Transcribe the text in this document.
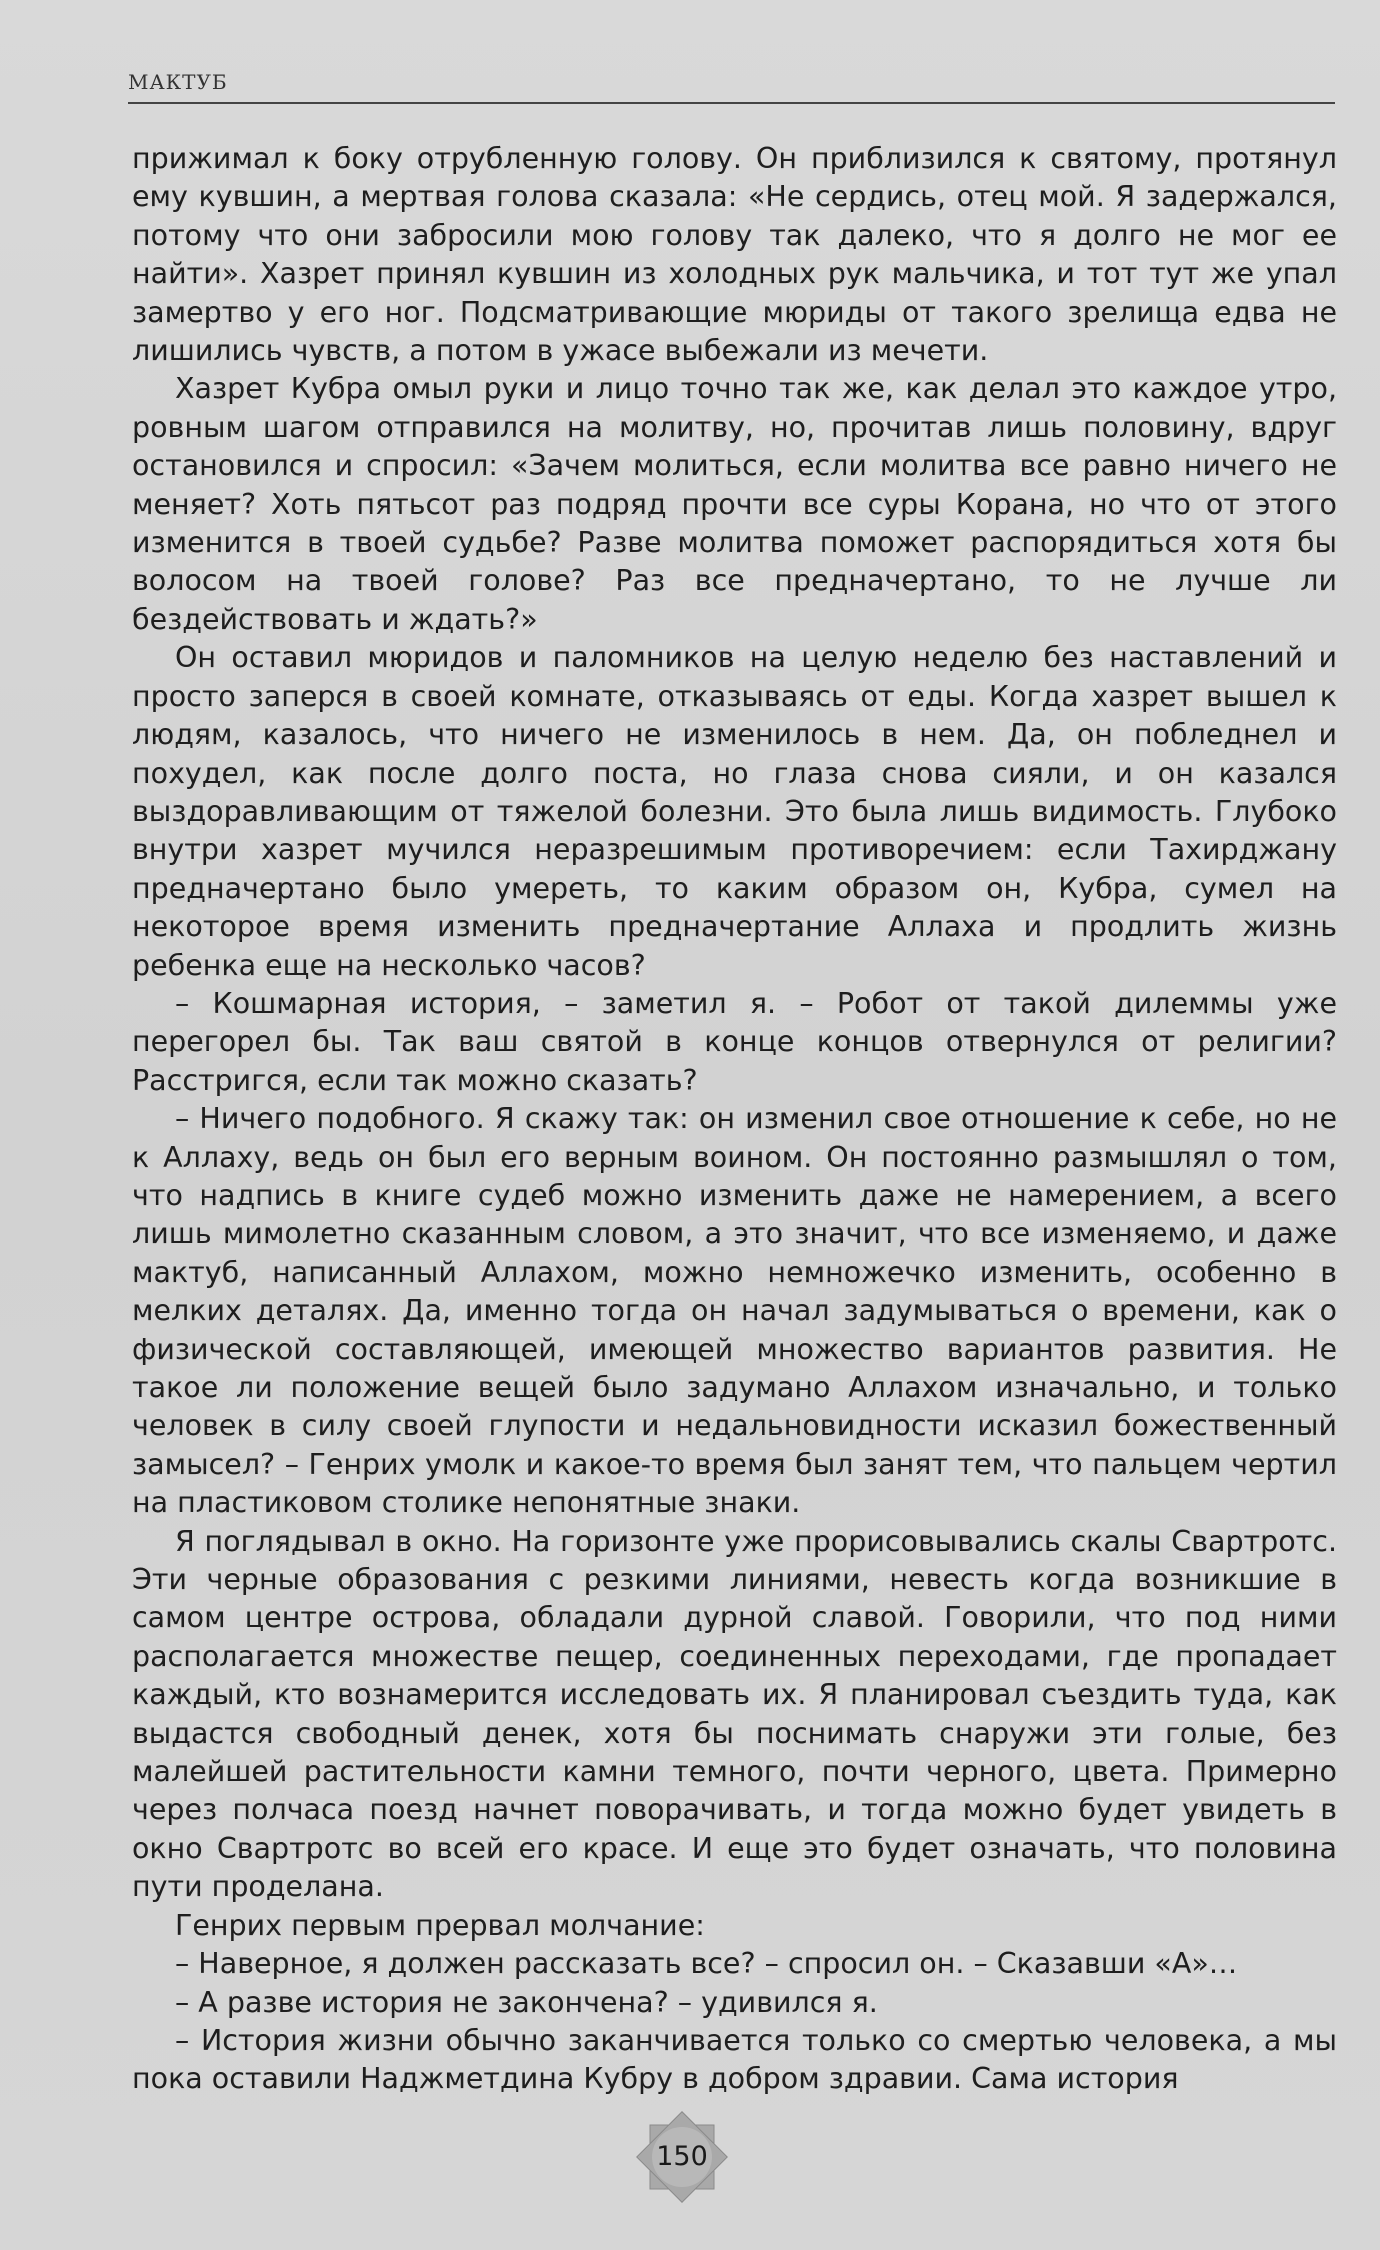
МАКТУБ

прижимал к боку отрубленную голову. Он приблизился к святому, протянул ему кувшин, а мертвая голова сказала: «Не сердись, отец мой. Я задержался, потому что они забросили мою голову так далеко, что я долго не мог ее найти». Хазрет принял кувшин из холодных рук мальчика, и тот тут же упал замертво у его ног. Подсматривающие мюриды от такого зрелища едва не лишились чувств, а потом в ужасе выбежали из мечети.

Хазрет Кубра омыл руки и лицо точно так же, как делал это каждое утро, ровным шагом отправился на молитву, но, прочитав лишь половину, вдруг остановился и спросил: «Зачем молиться, если молитва все равно ничего не меняет? Хоть пятьсот раз подряд прочти все суры Корана, но что от этого изменится в твоей судьбе? Разве молитва поможет распорядиться хотя бы волосом на твоей голове? Раз все предначертано, то не лучше ли бездействовать и ждать?»

Он оставил мюридов и паломников на целую неделю без наставлений и просто заперся в своей комнате, отказываясь от еды. Когда хазрет вышел к людям, казалось, что ничего не изменилось в нем. Да, он побледнел и похудел, как после долго поста, но глаза снова сияли, и он казался выздоравливающим от тяжелой болезни. Это была лишь видимость. Глубоко внутри хазрет мучился неразрешимым противоречием: если Тахирджану предначертано было умереть, то каким образом он, Кубра, сумел на некоторое время изменить предначертание Аллаха и продлить жизнь ребенка еще на несколько часов?

– Кошмарная история, – заметил я. – Робот от такой дилеммы уже перегорел бы. Так ваш святой в конце концов отвернулся от религии? Расстригся, если так можно сказать?

– Ничего подобного. Я скажу так: он изменил свое отношение к себе, но не к Аллаху, ведь он был его верным воином. Он постоянно размышлял о том, что надпись в книге судеб можно изменить даже не намерением, а всего лишь мимолетно сказанным словом, а это значит, что все изменяемо, и даже мактуб, написанный Аллахом, можно немножечко изменить, особенно в мелких деталях. Да, именно тогда он начал задумываться о времени, как о физической составляющей, имеющей множество вариантов развития. Не такое ли положение вещей было задумано Аллахом изначально, и только человек в силу своей глупости и недальновидности исказил божественный замысел? – Генрих умолк и какое-то время был занят тем, что пальцем чертил на пластиковом столике непонятные знаки.

Я поглядывал в окно. На горизонте уже прорисовывались скалы Свартротс. Эти черные образования с резкими линиями, невесть когда возникшие в самом центре острова, обладали дурной славой. Говорили, что под ними располагается множестве пещер, соединенных переходами, где пропадает каждый, кто вознамерится исследовать их. Я планировал съездить туда, как выдастся свободный денек, хотя бы поснимать снаружи эти голые, без малейшей растительности камни темного, почти черного, цвета. Примерно через полчаса поезд начнет поворачивать, и тогда можно будет увидеть в окно Свартротс во всей его красе. И еще это будет означать, что половина пути проделана.

Генрих первым прервал молчание:

– Наверное, я должен рассказать все? – спросил он. – Сказавши «А»…

– А разве история не закончена? – удивился я.

– История жизни обычно заканчивается только со смертью человека, а мы пока оставили Наджметдина Кубру в добром здравии. Сама история

150
